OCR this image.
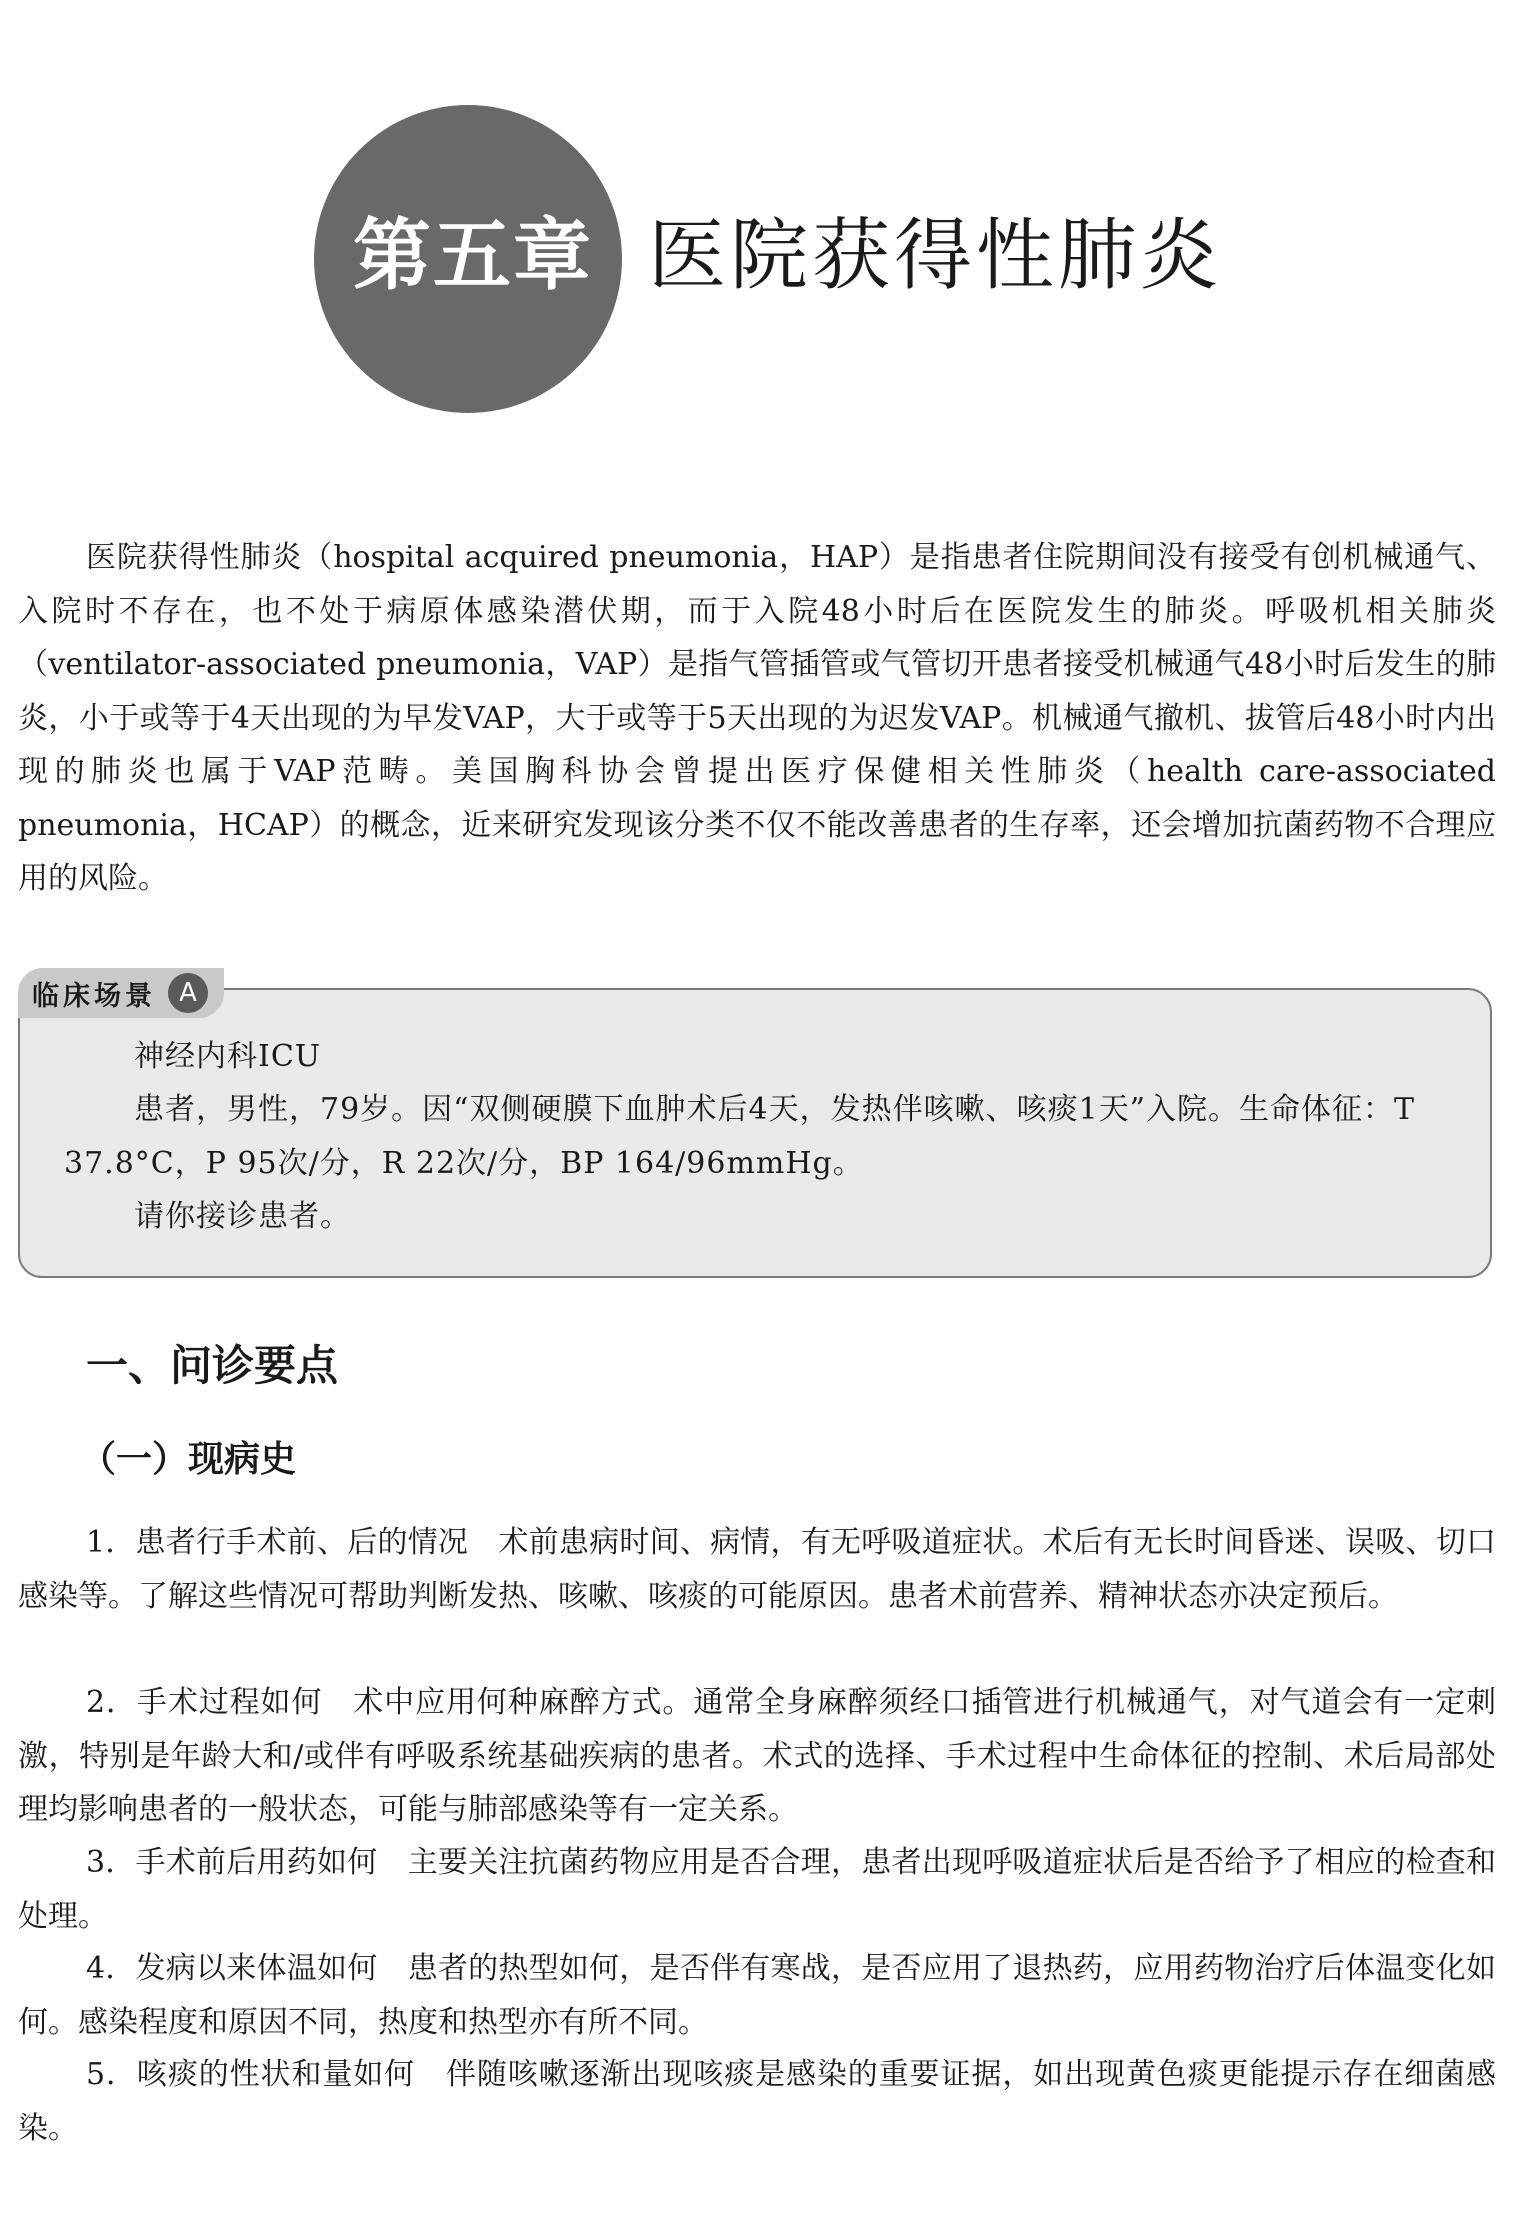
第五章 医院获得性肺炎

医院获得性肺炎（hospital acquired pneumonia，HAP）是指患者住院期间没有接受有创机械通气、入院时不存在，也不处于病原体感染潜伏期，而于入院48小时后在医院发生的肺炎。呼吸机相关肺炎（ventilator-associated pneumonia，VAP）是指气管插管或气管切开患者接受机械通气48小时后发生的肺炎，小于或等于4天出现的为早发VAP，大于或等于5天出现的为迟发VAP。机械通气撤机、拔管后48小时内出现的肺炎也属于VAP范畴。美国胸科协会曾提出医疗保健相关性肺炎（health care-associated pneumonia，HCAP）的概念，近来研究发现该分类不仅不能改善患者的生存率，还会增加抗菌药物不合理应用的风险。

临床场景 A

神经内科ICU

患者，男性，79岁。因“双侧硬膜下血肿术后4天，发热伴咳嗽、咳痰1天”入院。生命体征：T 37.8°C，P 95次/分，R 22次/分，BP 164/96mmHg。

请你接诊患者。

一、问诊要点
（一）现病史

1．患者行手术前、后的情况　术前患病时间、病情，有无呼吸道症状。术后有无长时间昏迷、误吸、切口感染等。了解这些情况可帮助判断发热、咳嗽、咳痰的可能原因。患者术前营养、精神状态亦决定预后。

2．手术过程如何　术中应用何种麻醉方式。通常全身麻醉须经口插管进行机械通气，对气道会有一定刺激，特别是年龄大和/或伴有呼吸系统基础疾病的患者。术式的选择、手术过程中生命体征的控制、术后局部处理均影响患者的一般状态，可能与肺部感染等有一定关系。

3．手术前后用药如何　主要关注抗菌药物应用是否合理，患者出现呼吸道症状后是否给予了相应的检查和处理。

4．发病以来体温如何　患者的热型如何，是否伴有寒战，是否应用了退热药，应用药物治疗后体温变化如何。感染程度和原因不同，热度和热型亦有所不同。

5．咳痰的性状和量如何　伴随咳嗽逐渐出现咳痰是感染的重要证据，如出现黄色痰更能提示存在细菌感染。
